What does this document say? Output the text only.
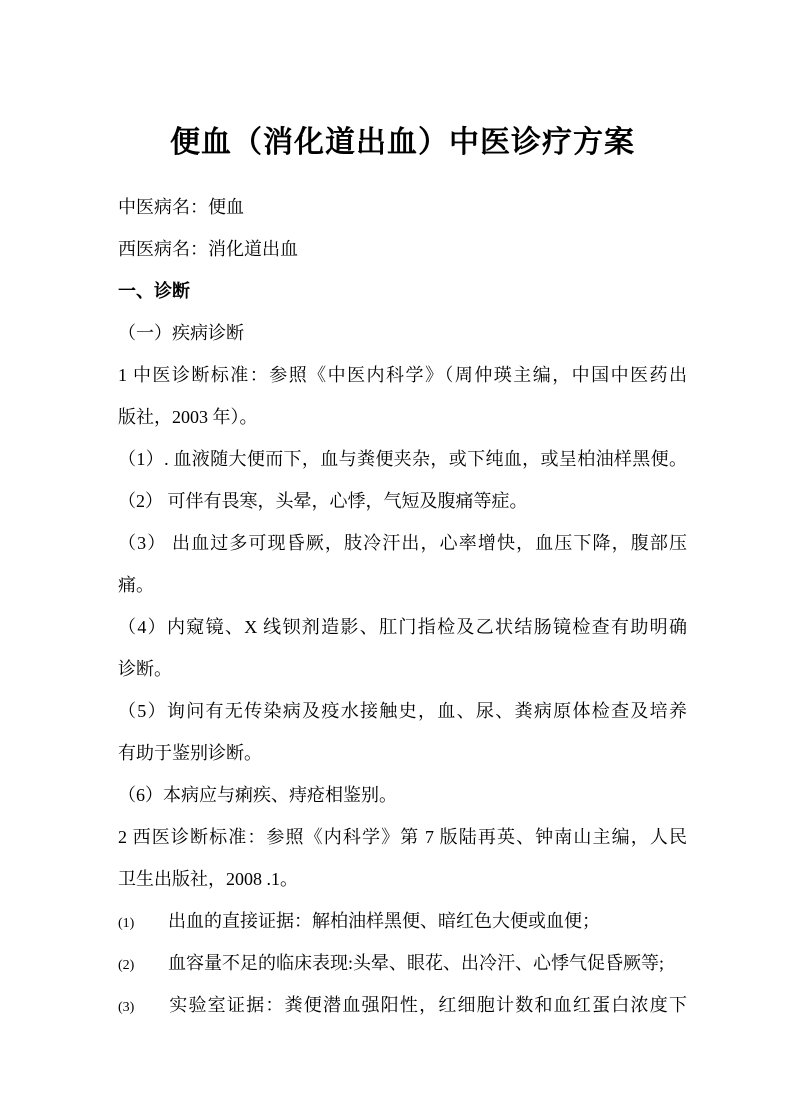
便血（消化道出血）中医诊疗方案
中医病名：便血
西医病名：消化道出血
一、诊断
（一）疾病诊断
1 中医诊断标准：参照《中医内科学》（周仲瑛主编，中国中医药出
版社，2003 年）。
（1）. 血液随大便而下，血与粪便夹杂，或下纯血，或呈柏油样黑便。
（2） 可伴有畏寒，头晕，心悸，气短及腹痛等症。
（3） 出血过多可现昏厥，肢冷汗出，心率增快，血压下降，腹部压
痛。
（4）内窥镜、X 线钡剂造影、肛门指检及乙状结肠镜检查有助明确
诊断。
（5）询问有无传染病及疫水接触史，血、尿、粪病原体检查及培养
有助于鉴别诊断。
（6）本病应与痢疾、痔疮相鉴别。
2 西医诊断标准：参照《内科学》第 7 版陆再英、钟南山主编，人民
卫生出版社，2008 .1。
(1) 出血的直接证据：解柏油样黑便、暗红色大便或血便；
(2) 血容量不足的临床表现:头晕、眼花、出冷汗、心悸气促昏厥等;
(3) 实验室证据：粪便潜血强阳性，红细胞计数和血红蛋白浓度下
